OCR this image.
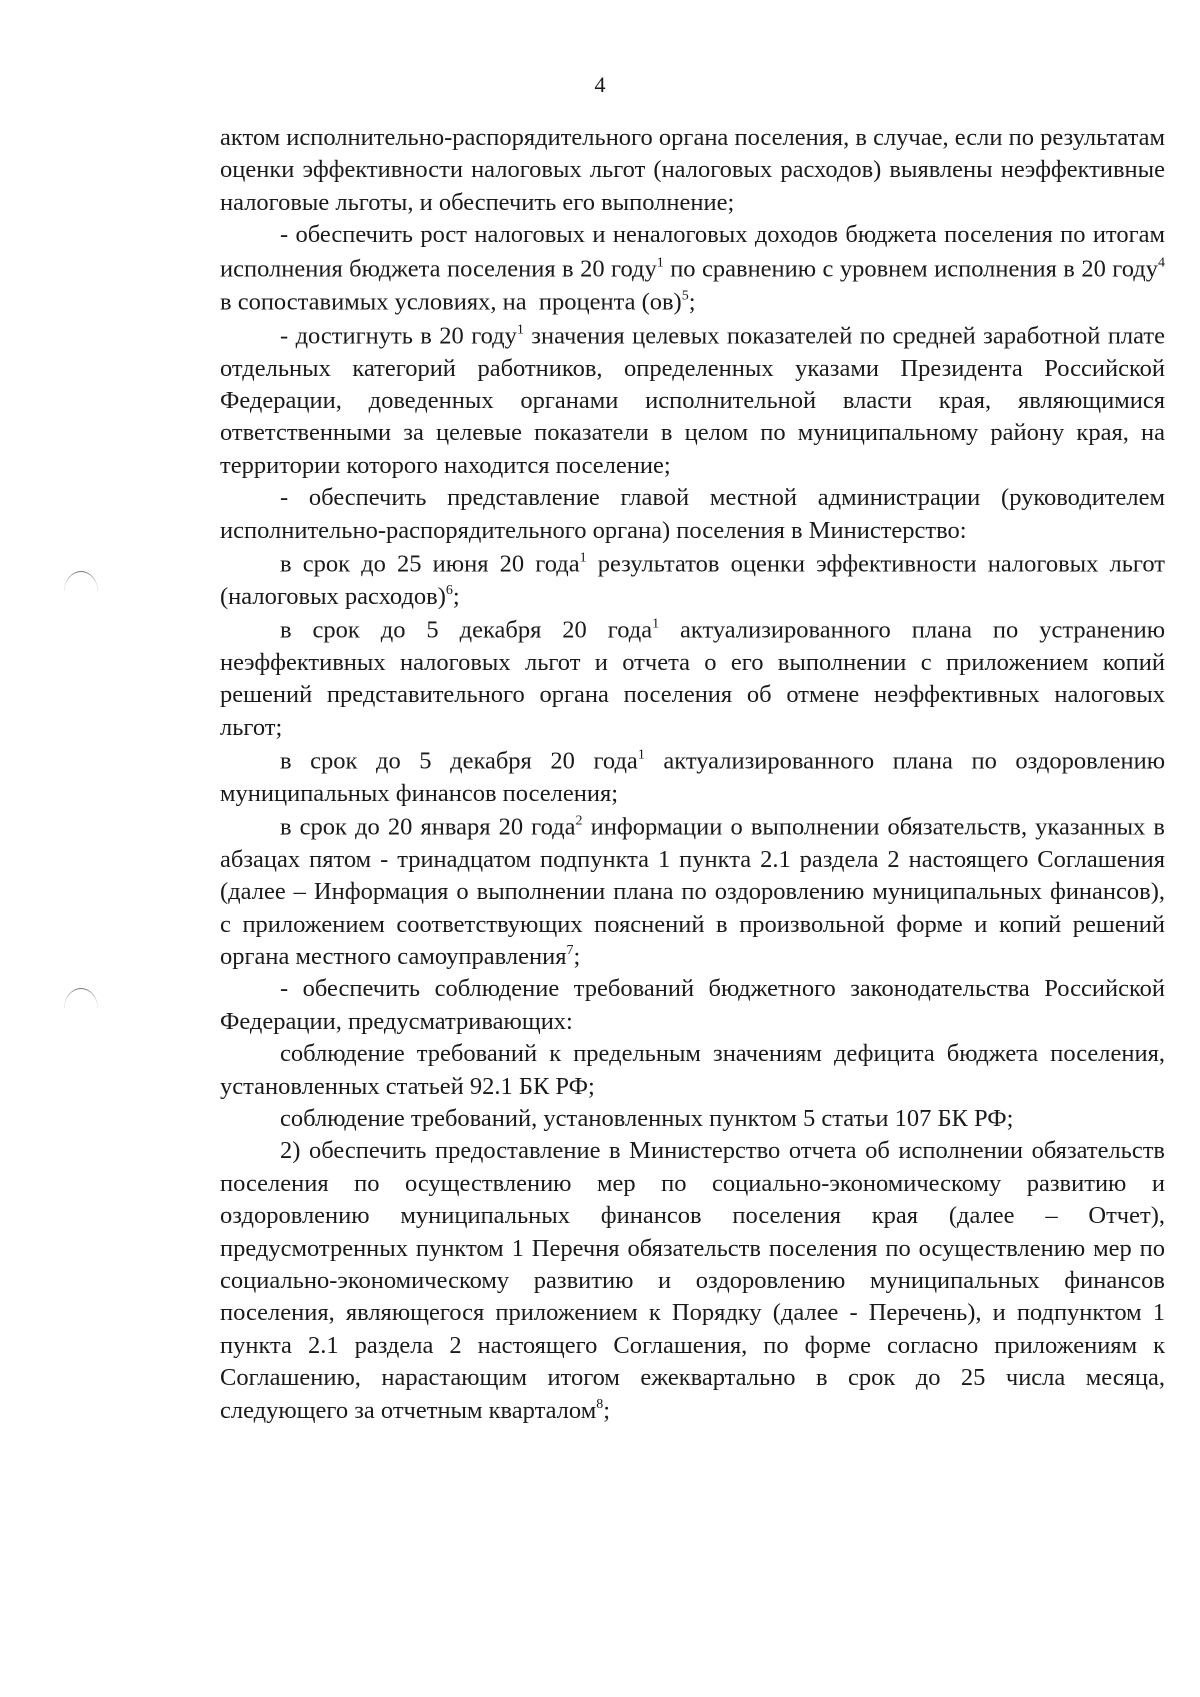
4

актом исполнительно-распорядительного органа поселения, в случае, если по результатам оценки эффективности налоговых льгот (налоговых расходов) выявлены неэффективные налоговые льготы, и обеспечить его выполнение;

- обеспечить рост налоговых и неналоговых доходов бюджета поселения по итогам исполнения бюджета поселения в 20 году$^1$ по сравнению с уровнем исполнения в 20 году$^4$ в сопоставимых условиях, на  процента (ов)$^5$;

- достигнуть в 20 году$^1$ значения целевых показателей по средней заработной плате отдельных категорий работников, определенных указами Президента Российской Федерации, доведенных органами исполнительной власти края, являющимися ответственными за целевые показатели в целом по муниципальному району края, на территории которого находится поселение;

- обеспечить представление главой местной администрации (руководителем исполнительно-распорядительного органа) поселения в Министерство:

в срок до 25 июня 20 года$^1$ результатов оценки эффективности налоговых льгот (налоговых расходов)$^6$;

в срок до 5 декабря 20 года$^1$ актуализированного плана по устранению неэффективных налоговых льгот и отчета о его выполнении с приложением копий решений представительного органа поселения об отмене неэффективных налоговых льгот;

в срок до 5 декабря 20 года$^1$ актуализированного плана по оздоровлению муниципальных финансов поселения;

в срок до 20 января 20 года$^2$ информации о выполнении обязательств, указанных в абзацах пятом - тринадцатом подпункта 1 пункта 2.1 раздела 2 настоящего Соглашения (далее – Информация о выполнении плана по оздоровлению муниципальных финансов), с приложением соответствующих пояснений в произвольной форме и копий решений органа местного самоуправления$^7$;

- обеспечить соблюдение требований бюджетного законодательства Российской Федерации, предусматривающих:

соблюдение требований к предельным значениям дефицита бюджета поселения, установленных статьей 92.1 БК РФ;

соблюдение требований, установленных пунктом 5 статьи 107 БК РФ;

2) обеспечить предоставление в Министерство отчета об исполнении обязательств поселения по осуществлению мер по социально-экономическому развитию и оздоровлению муниципальных финансов поселения края (далее – Отчет), предусмотренных пунктом 1 Перечня обязательств поселения по осуществлению мер по социально-экономическому развитию и оздоровлению муниципальных финансов поселения, являющегося приложением к Порядку (далее - Перечень), и подпунктом 1 пункта 2.1 раздела 2 настоящего Соглашения, по форме согласно приложениям к Соглашению, нарастающим итогом ежеквартально в срок до 25 числа месяца, следующего за отчетным кварталом$^8$;
